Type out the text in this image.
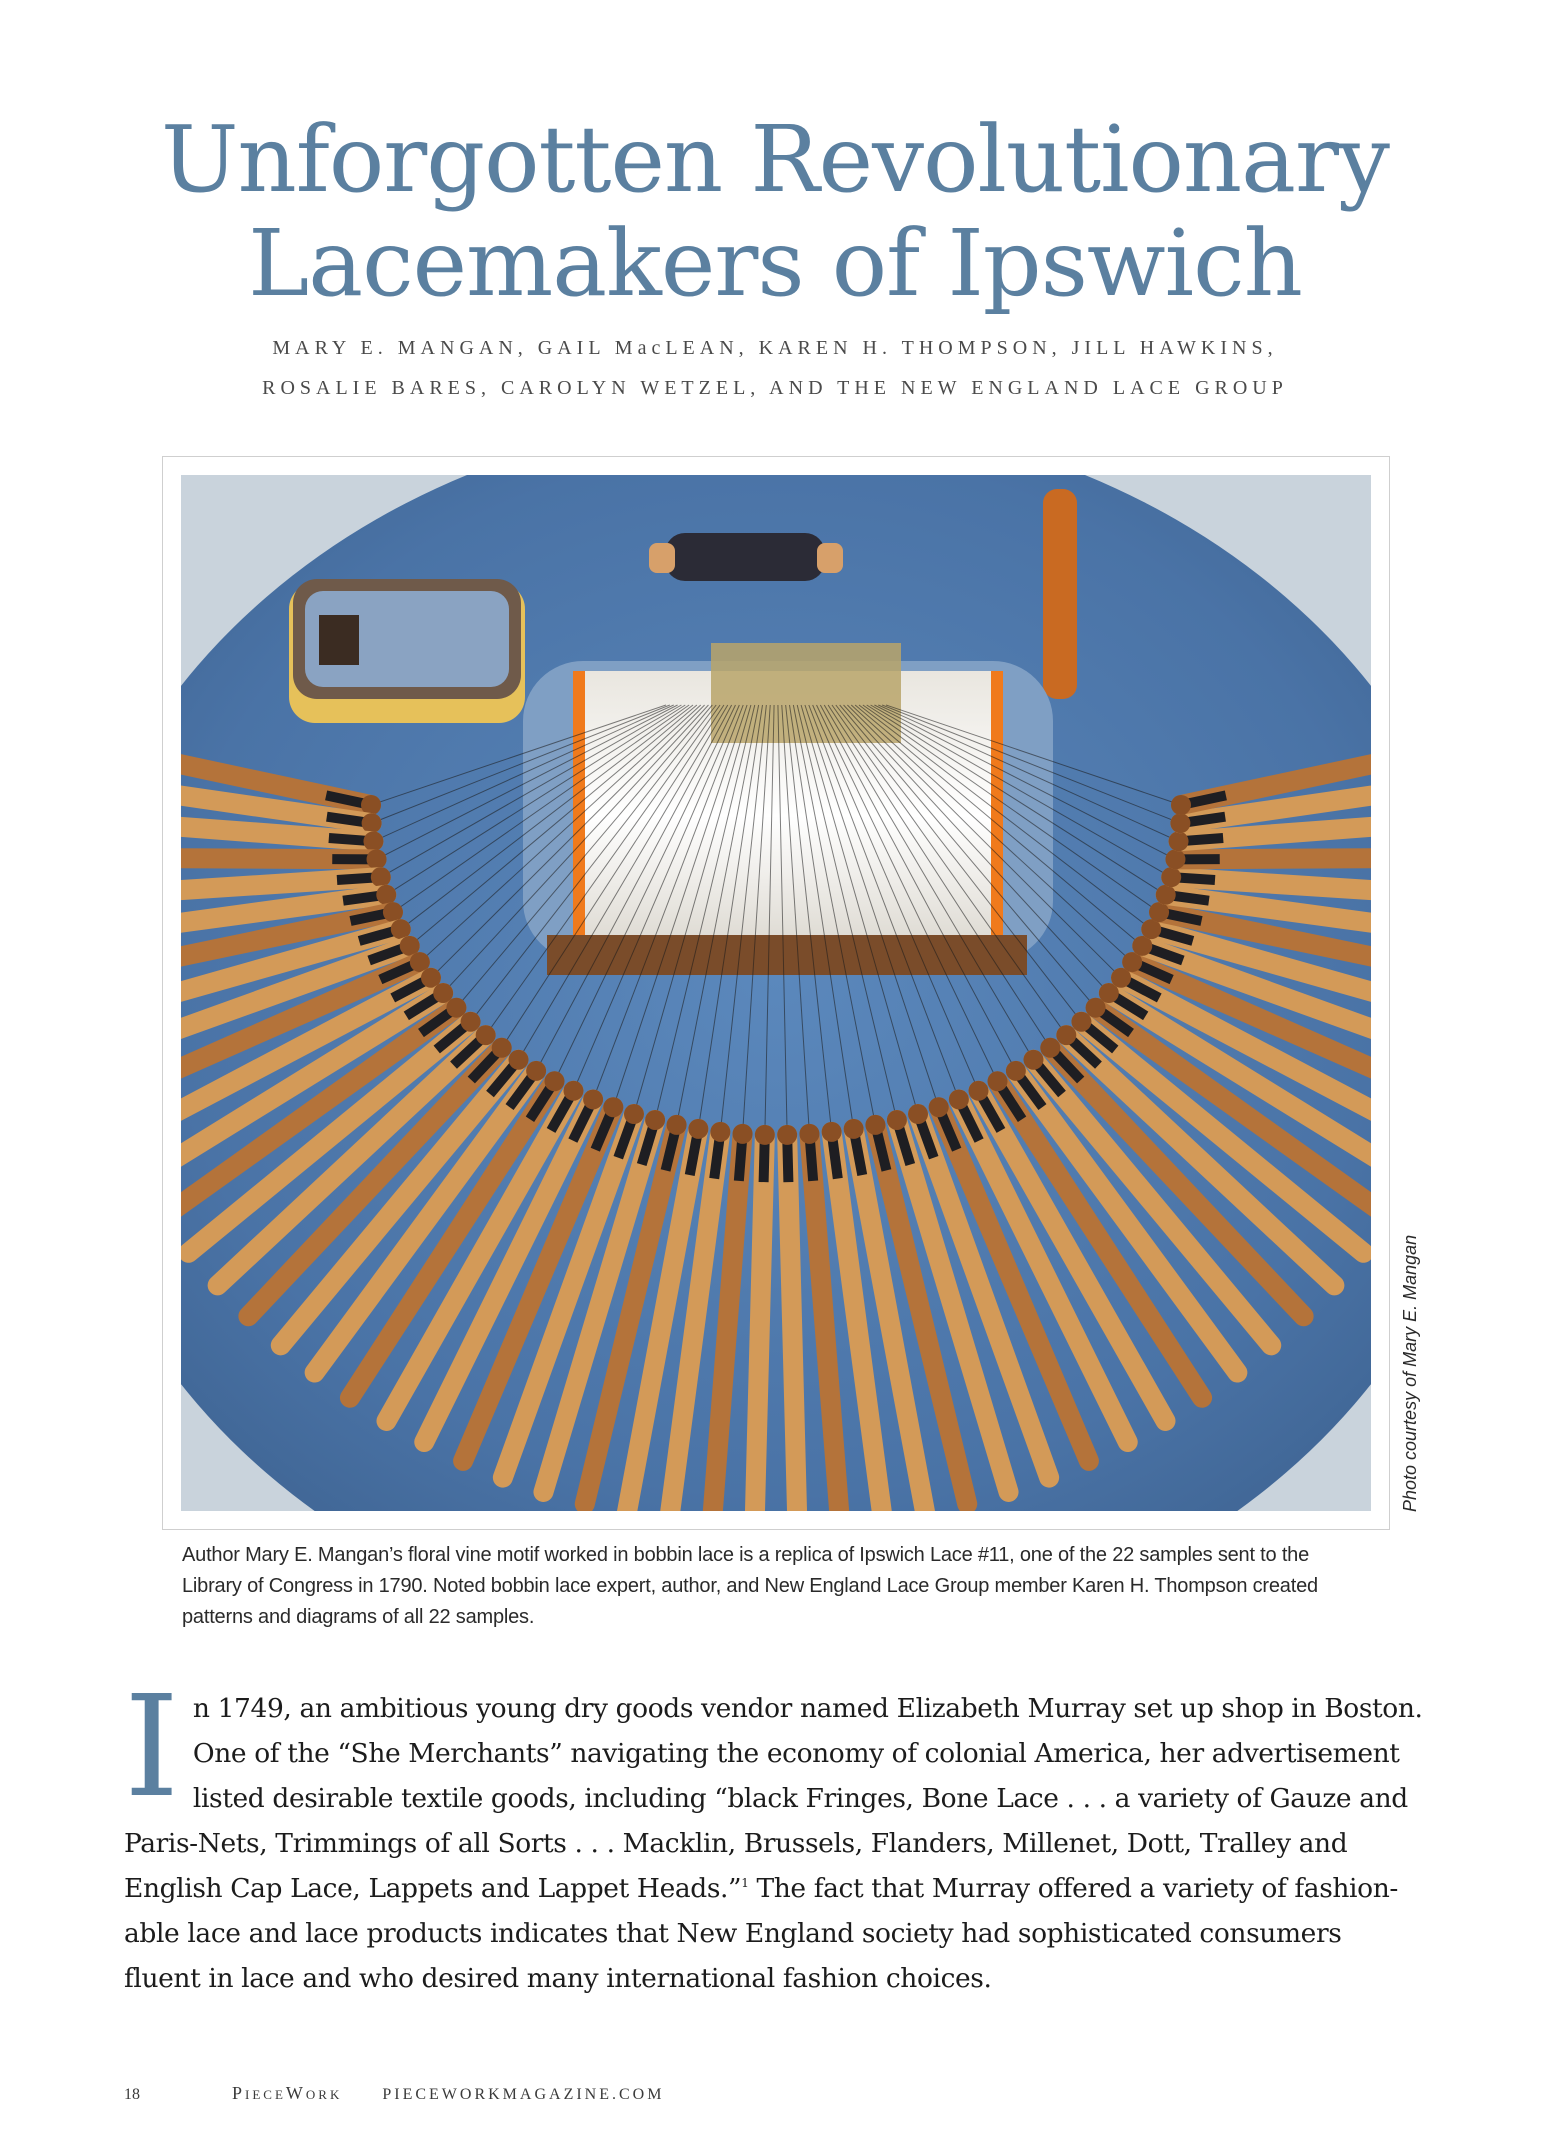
Unforgotten Revolutionary
Lacemakers of Ipswich
MARY E. MANGAN, GAIL MacLEAN, KAREN H. THOMPSON, JILL HAWKINS,
ROSALIE BARES, CAROLYN WETZEL, AND THE NEW ENGLAND LACE GROUP
Photo courtesy of Mary E. Mangan
Author Mary E. Mangan’s floral vine motif worked in bobbin lace is a replica of Ipswich Lace #11, one of the 22 samples sent to the Library of Congress in 1790. Noted bobbin lace expert, author, and New England Lace Group member Karen H. Thompson created patterns and diagrams of all 22 samples.
In 1749, an ambitious young dry goods vendor named Elizabeth Murray set up shop in Boston. One of the “She Merchants” navigating the economy of colonial America, her advertisement listed desirable textile goods, including “black Fringes, Bone Lace . . . a variety of Gauze and Paris-Nets, Trimmings of all Sorts . . . Macklin, Brussels, Flanders, Millenet, Dott, Tralley and English Cap Lace, Lappets and Lappet Heads.”$^1$ The fact that Murray offered a variety of fashion-able lace and lace products indicates that New England society had sophisticated consumers fluent in lace and who desired many international fashion choices.
18	PieceWork	PIECEWORKMAGAZINE.COM
